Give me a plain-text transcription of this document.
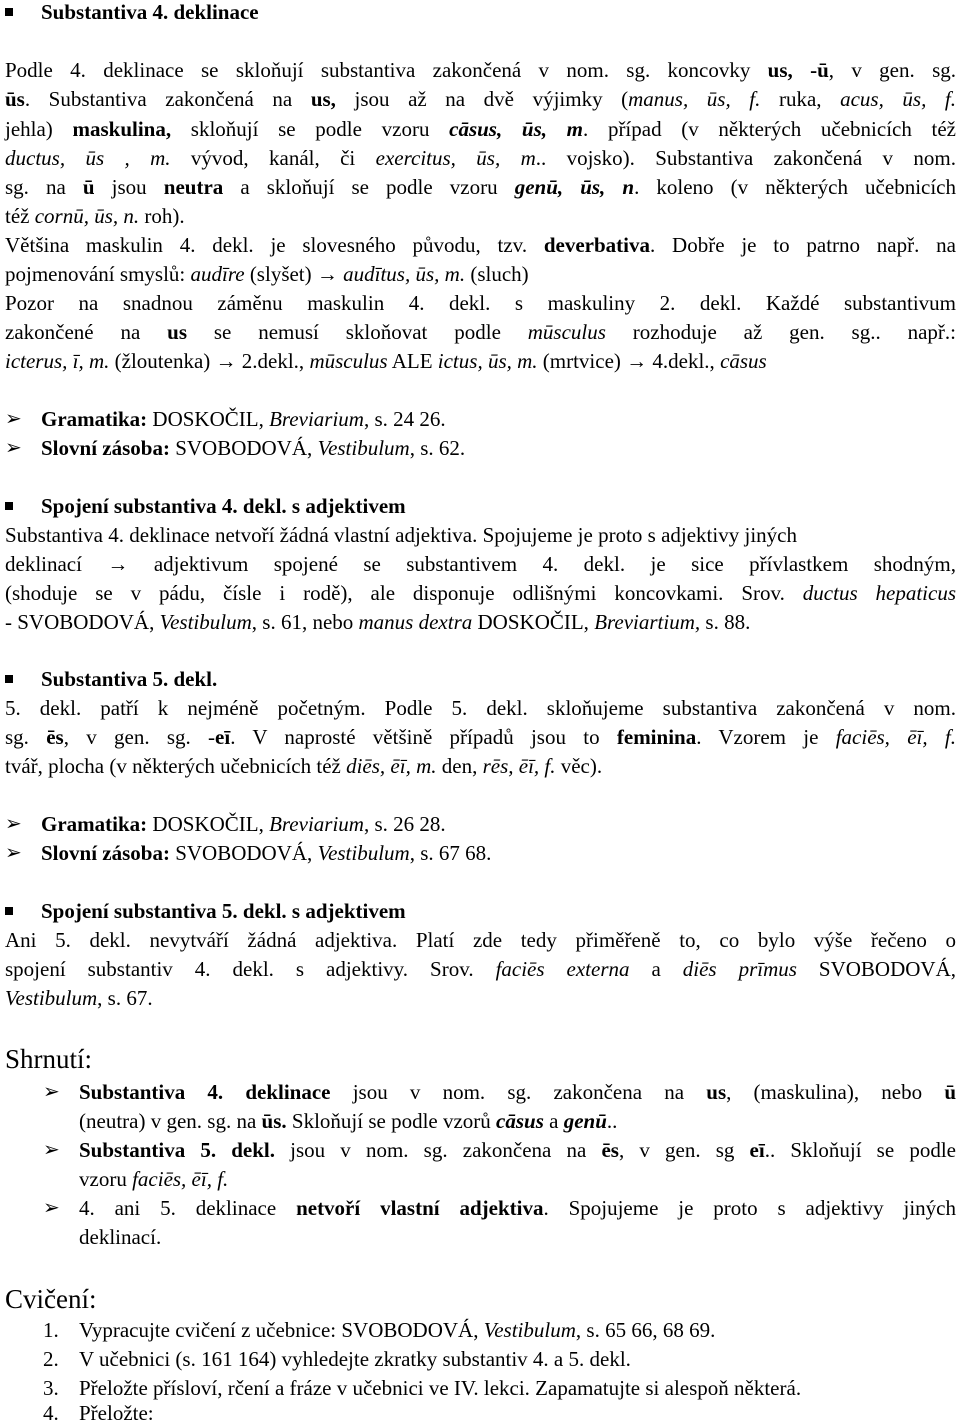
Substantiva 4. deklinace
Podle 4. deklinace se skloňují substantiva zakončená v nom. sg. koncovky us, -ū, v gen. sg.
ūs. Substantiva zakončená na us, jsou až na dvě výjimky (manus, ūs, f. ruka, acus, ūs, f.
jehla) maskulina, skloňují se podle vzoru cāsus, ūs, m. případ (v některých učebnicích též
ductus, ūs , m. vývod, kanál, či exercitus, ūs, m.. vojsko). Substantiva zakončená v nom.
sg. na ū jsou neutra a skloňují se podle vzoru genū, ūs, n. koleno (v některých učebnicích
též cornū, ūs, n. roh).
Většina maskulin 4. dekl. je slovesného původu, tzv. deverbativa. Dobře je to patrno např. na
pojmenování smyslů: audīre (slyšet) → audītus, ūs, m. (sluch)
Pozor na snadnou záměnu maskulin 4. dekl. s maskuliny 2. dekl. Každé substantivum
zakončené na us se nemusí skloňovat podle mūsculus rozhoduje až gen. sg.. např.:
icterus, ī, m. (žloutenka) → 2.dekl., mūsculus ALE ictus, ūs, m. (mrtvice) → 4.dekl., cāsus
➢ Gramatika: DOSKOČIL, Breviarium, s. 24 26.
➢ Slovní zásoba: SVOBODOVÁ, Vestibulum, s. 62.
Spojení substantiva 4. dekl. s adjektivem
Substantiva 4. deklinace netvoří žádná vlastní adjektiva. Spojujeme je proto s adjektivy jiných
deklinací → adjektivum spojené se substantivem 4. dekl. je sice přívlastkem shodným,
(shoduje se v pádu, čísle i rodě), ale disponuje odlišnými koncovkami. Srov. ductus hepaticus
- SVOBODOVÁ, Vestibulum, s. 61, nebo manus dextra DOSKOČIL, Breviartium, s. 88.
Substantiva 5. dekl.
5. dekl. patří k nejméně početným. Podle 5. dekl. skloňujeme substantiva zakončená v nom.
sg. ēs, v gen. sg. -eī. V naprosté většině případů jsou to feminina. Vzorem je faciēs, ēī, f.
tvář, plocha (v některých učebnicích též diēs, ēī, m. den, rēs, ēī, f. věc).
➢ Gramatika: DOSKOČIL, Breviarium, s. 26 28.
➢ Slovní zásoba: SVOBODOVÁ, Vestibulum, s. 67 68.
Spojení substantiva 5. dekl. s adjektivem
Ani 5. dekl. nevytváří žádná adjektiva. Platí zde tedy přiměřeně to, co bylo výše řečeno o
spojení substantiv 4. dekl. s adjektivy. Srov. faciēs externa a diēs prīmus SVOBODOVÁ,
Vestibulum, s. 67.
Shrnutí:
➢ Substantiva 4. deklinace jsou v nom. sg. zakončena na us, (maskulina), nebo ū
(neutra) v gen. sg. na ūs. Skloňují se podle vzorů cāsus a genū..
➢ Substantiva 5. dekl. jsou v nom. sg. zakončena na ēs, v gen. sg eī.. Skloňují se podle
vzoru faciēs, ēī, f.
➢ 4. ani 5. deklinace netvoří vlastní adjektiva. Spojujeme je proto s adjektivy jiných
deklinací.
Cvičení:
1. Vypracujte cvičení z učebnice: SVOBODOVÁ, Vestibulum, s. 65 66, 68 69.
2. V učebnici (s. 161 164) vyhledejte zkratky substantiv 4. a 5. dekl.
3. Přeložte přísloví, rčení a fráze v učebnici ve IV. lekci. Zapamatujte si alespoň některá.
4. Přeložte:
